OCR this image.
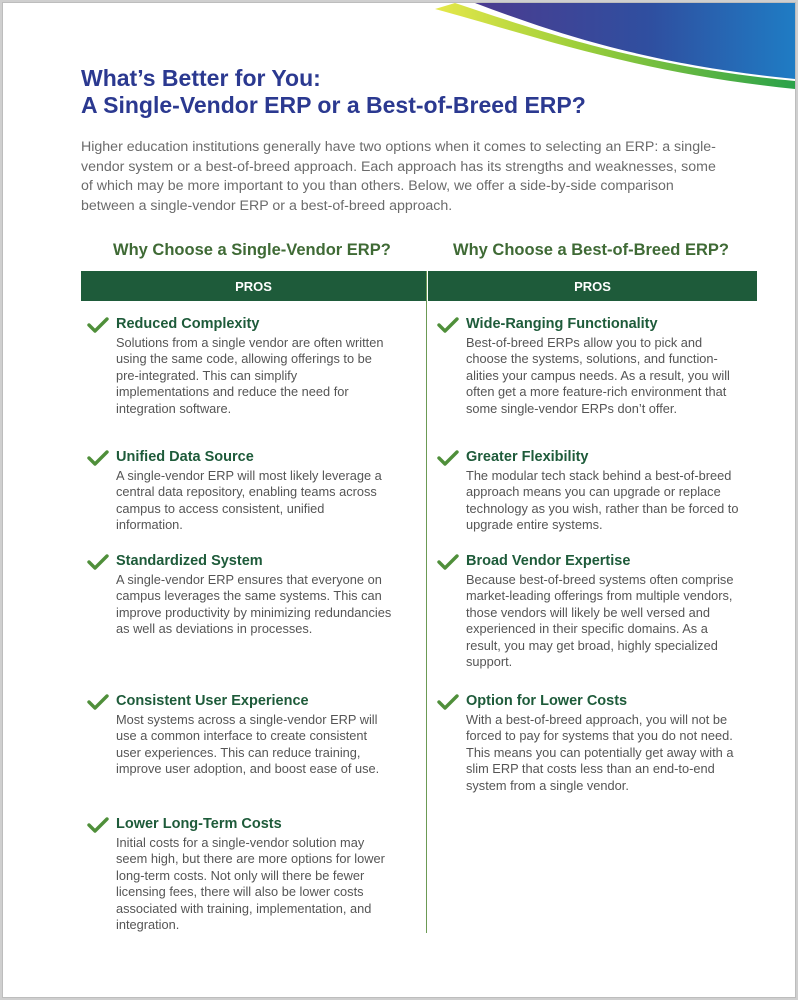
What’s Better for You:
A Single-Vendor ERP or a Best-of-Breed ERP?

Higher education institutions generally have two options when it comes to selecting an ERP: a single-vendor system or a best-of-breed approach. Each approach has its strengths and weaknesses, some of which may be more important to you than others. Below, we offer a side-by-side comparison between a single-vendor ERP or a best-of-breed approach.

Why Choose a Single-Vendor ERP?	Why Choose a Best-of-Breed ERP?
PROS	PROS

Reduced Complexity

Solutions from a single vendor are often written using the same code, allowing offerings to be pre-integrated. This can simplify implementations and reduce the need for integration software.

Unified Data Source

A single-vendor ERP will most likely leverage a central data repository, enabling teams across campus to access consistent, unified information.

Standardized System

A single-vendor ERP ensures that everyone on campus leverages the same systems. This can improve productivity by minimizing redundancies as well as deviations in processes.

Consistent User Experience

Most systems across a single-vendor ERP will use a common interface to create consistent user experiences. This can reduce training, improve user adoption, and boost ease of use.

Lower Long-Term Costs

Initial costs for a single-vendor solution may seem high, but there are more options for lower long-term costs. Not only will there be fewer licensing fees, there will also be lower costs associated with training, implementation, and integration.

Wide-Ranging Functionality

Best-of-breed ERPs allow you to pick and choose the systems, solutions, and function-alities your campus needs. As a result, you will often get a more feature-rich environment that some single-vendor ERPs don’t offer.

Greater Flexibility

The modular tech stack behind a best-of-breed approach means you can upgrade or replace technology as you wish, rather than be forced to upgrade entire systems.

Broad Vendor Expertise

Because best-of-breed systems often comprise market-leading offerings from multiple vendors, those vendors will likely be well versed and experienced in their specific domains. As a result, you may get broad, highly specialized support.

Option for Lower Costs

With a best-of-breed approach, you will not be forced to pay for systems that you do not need. This means you can potentially get away with a slim ERP that costs less than an end-to-end system from a single vendor.
